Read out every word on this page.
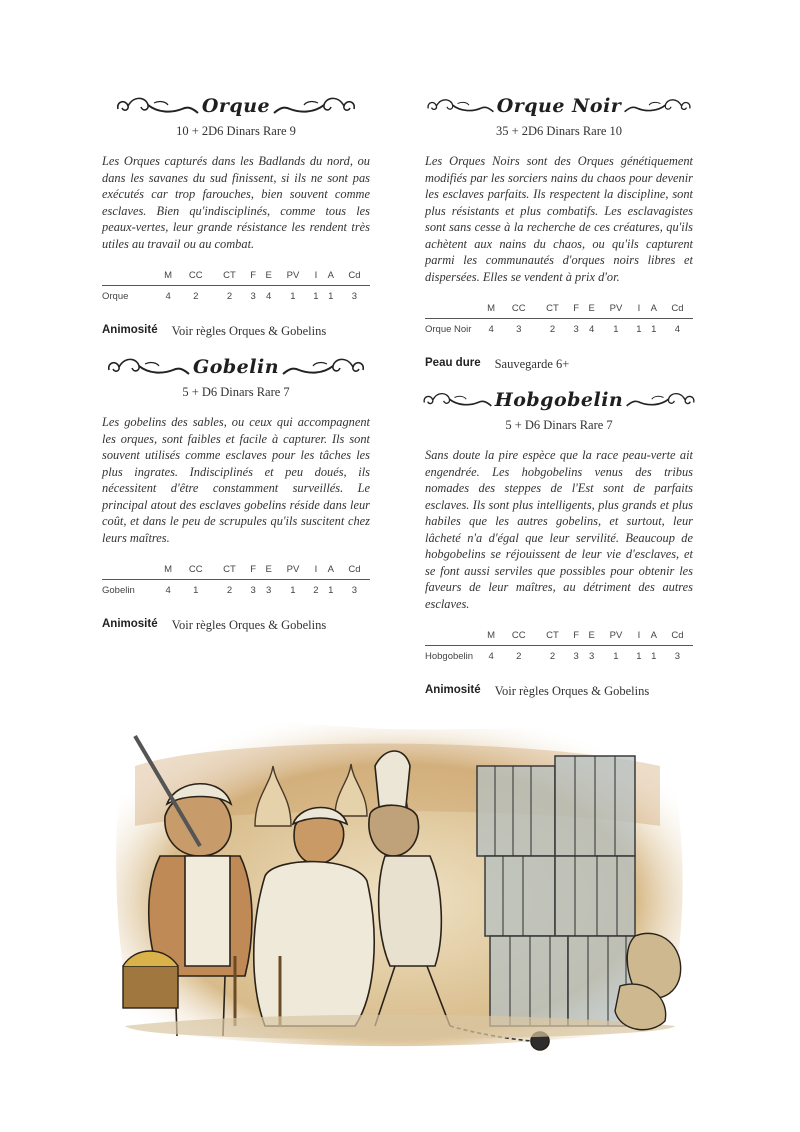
Orque
10 + 2D6 Dinars Rare 9

Les Orques capturés dans les Badlands du nord, ou dans les savanes du sud finissent, si ils ne sont pas exécutés car trop farouches, bien souvent comme esclaves. Bien qu'indisciplinés, comme tous les peaux-vertes, leur grande résistance les rendent très utiles au travail ou au combat.

	M	CC	CT	F	E	PV	I	A	Cd
Orque	4	2	2	3	4	1	1	1	3
Animosité Voir règles Orques & Gobelins
Gobelin
5 + D6 Dinars Rare 7

Les gobelins des sables, ou ceux qui accompagnent les orques, sont faibles et facile à capturer. Ils sont souvent utilisés comme esclaves pour les tâches les plus ingrates. Indisciplinés et peu doués, ils nécessitent d'être constamment surveillés. Le principal atout des esclaves gobelins réside dans leur coût, et dans le peu de scrupules qu'ils suscitent chez leurs maîtres.

	M	CC	CT	F	E	PV	I	A	Cd
Gobelin	4	1	2	3	3	1	2	1	3
Animosité Voir règles Orques & Gobelins
Orque Noir
35 + 2D6 Dinars Rare 10

Les Orques Noirs sont des Orques génétiquement modifiés par les sorciers nains du chaos pour devenir les esclaves parfaits. Ils respectent la discipline, sont plus résistants et plus combatifs. Les esclavagistes sont sans cesse à la recherche de ces créatures, qu'ils achètent aux nains du chaos, ou qu'ils capturent parmi les communautés d'orques noirs libres et dispersées. Elles se vendent à prix d'or.

	M	CC	CT	F	E	PV	I	A	Cd
Orque Noir	4	3	2	3	4	1	1	1	4
Peau dure Sauvegarde 6+
Hobgobelin
5 + D6 Dinars Rare 7

Sans doute la pire espèce que la race peau-verte ait engendrée. Les hobgobelins venus des tribus nomades des steppes de l'Est sont de parfaits esclaves. Ils sont plus intelligents, plus grands et plus habiles que les autres gobelins, et surtout, leur lâcheté n'a d'égal que leur servilité. Beaucoup de hobgobelins se réjouissent de leur vie d'esclaves, et se font aussi serviles que possibles pour obtenir les faveurs de leur maîtres, au détriment des autres esclaves.

	M	CC	CT	F	E	PV	I	A	Cd
Hobgobelin	4	2	2	3	3	1	1	1	3
Animosité Voir règles Orques & Gobelins
